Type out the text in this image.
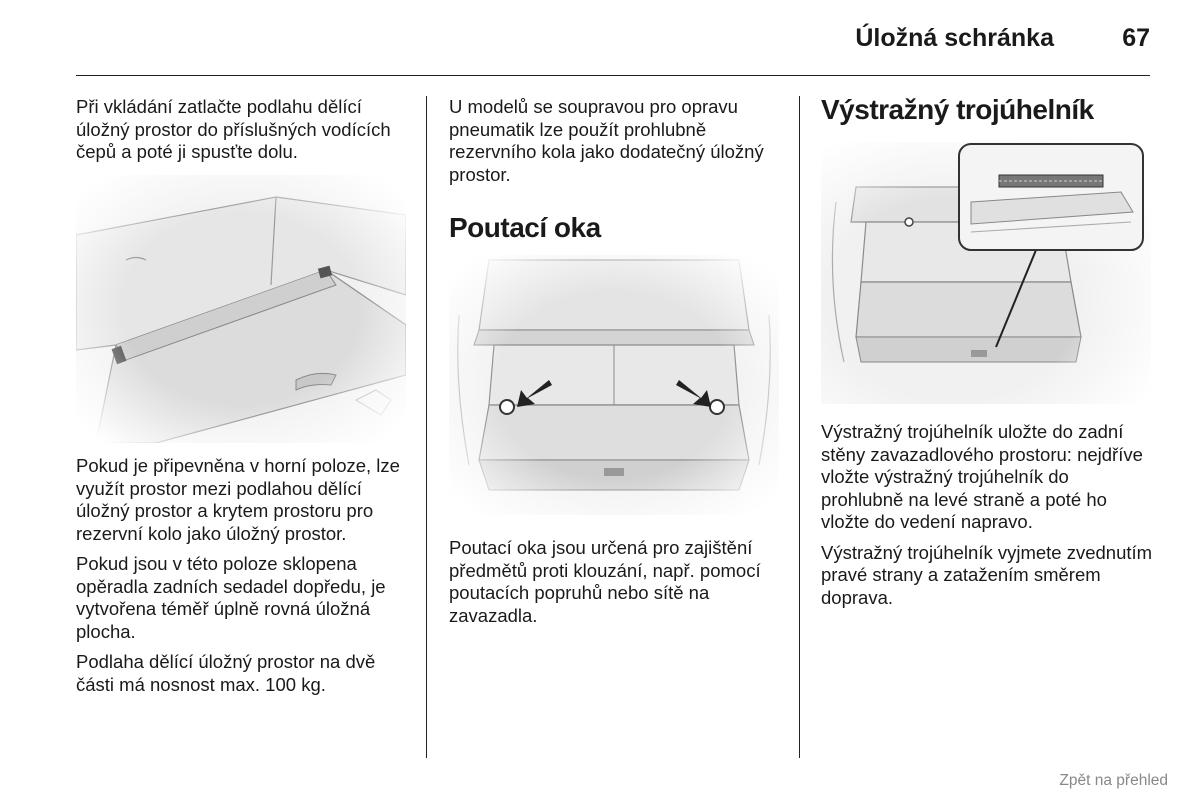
Úložná schránka	67

Při vkládání zatlačte podlahu dělící úložný prostor do příslušných vodících čepů a poté ji spusťte dolu.

Pokud je připevněna v horní poloze, lze využít prostor mezi podlahou dělící úložný prostor a krytem prostoru pro rezervní kolo jako úložný prostor.

Pokud jsou v této poloze sklopena opěradla zadních sedadel dopředu, je vytvořena téměř úplně rovná úložná plocha.

Podlaha dělící úložný prostor na dvě části má nosnost max. 100 kg.

U modelů se soupravou pro opravu pneumatik lze použít prohlubně rezervního kola jako dodatečný úložný prostor.

Poutací oka

Poutací oka jsou určená pro zajištění předmětů proti klouzání, např. pomocí poutacích popruhů nebo sítě na zavazadla.

Výstražný trojúhelník

Výstražný trojúhelník uložte do zadní stěny zavazadlového prostoru: nejdříve vložte výstražný trojúhelník do prohlubně na levé straně a poté ho vložte do vedení napravo.

Výstražný trojúhelník vyjmete zvednutím pravé strany a zatažením směrem doprava.

Zpět na přehled
